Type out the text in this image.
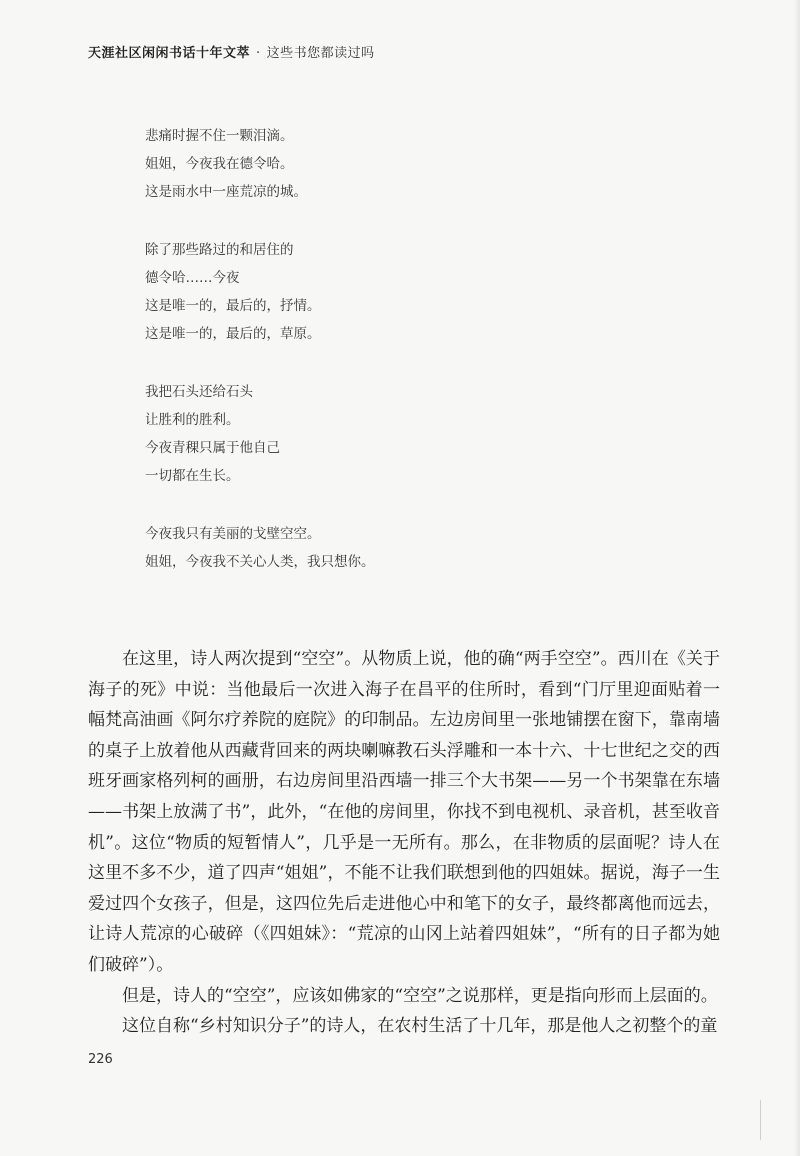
天涯社区闲闲书话十年文萃 · 这些书您都读过吗

悲痛时握不住一颗泪滴。

姐姐，今夜我在德令哈。

这是雨水中一座荒凉的城。

除了那些路过的和居住的

德令哈……今夜

这是唯一的，最后的，抒情。

这是唯一的，最后的，草原。

我把石头还给石头

让胜利的胜利。

今夜青稞只属于他自己

一切都在生长。

今夜我只有美丽的戈壁空空。

姐姐，今夜我不关心人类，我只想你。

在这里，诗人两次提到“空空”。从物质上说，他的确“两手空空”。西川在《关于海子的死》中说：当他最后一次进入海子在昌平的住所时，看到“门厅里迎面贴着一幅梵高油画《阿尔疗养院的庭院》的印制品。左边房间里一张地铺摆在窗下，靠南墙的桌子上放着他从西藏背回来的两块喇嘛教石头浮雕和一本十六、十七世纪之交的西班牙画家格列柯的画册，右边房间里沿西墙一排三个大书架——另一个书架靠在东墙——书架上放满了书”，此外，“在他的房间里，你找不到电视机、录音机，甚至收音机”。这位“物质的短暂情人”，几乎是一无所有。那么，在非物质的层面呢？诗人在这里不多不少，道了四声“姐姐”，不能不让我们联想到他的四姐妹。据说，海子一生爱过四个女孩子，但是，这四位先后走进他心中和笔下的女子，最终都离他而远去，让诗人荒凉的心破碎（《四姐妹》：“荒凉的山冈上站着四姐妹”，“所有的日子都为她们破碎”）。

但是，诗人的“空空”，应该如佛家的“空空”之说那样，更是指向形而上层面的。

这位自称“乡村知识分子”的诗人，在农村生活了十几年，那是他人之初整个的童

226
